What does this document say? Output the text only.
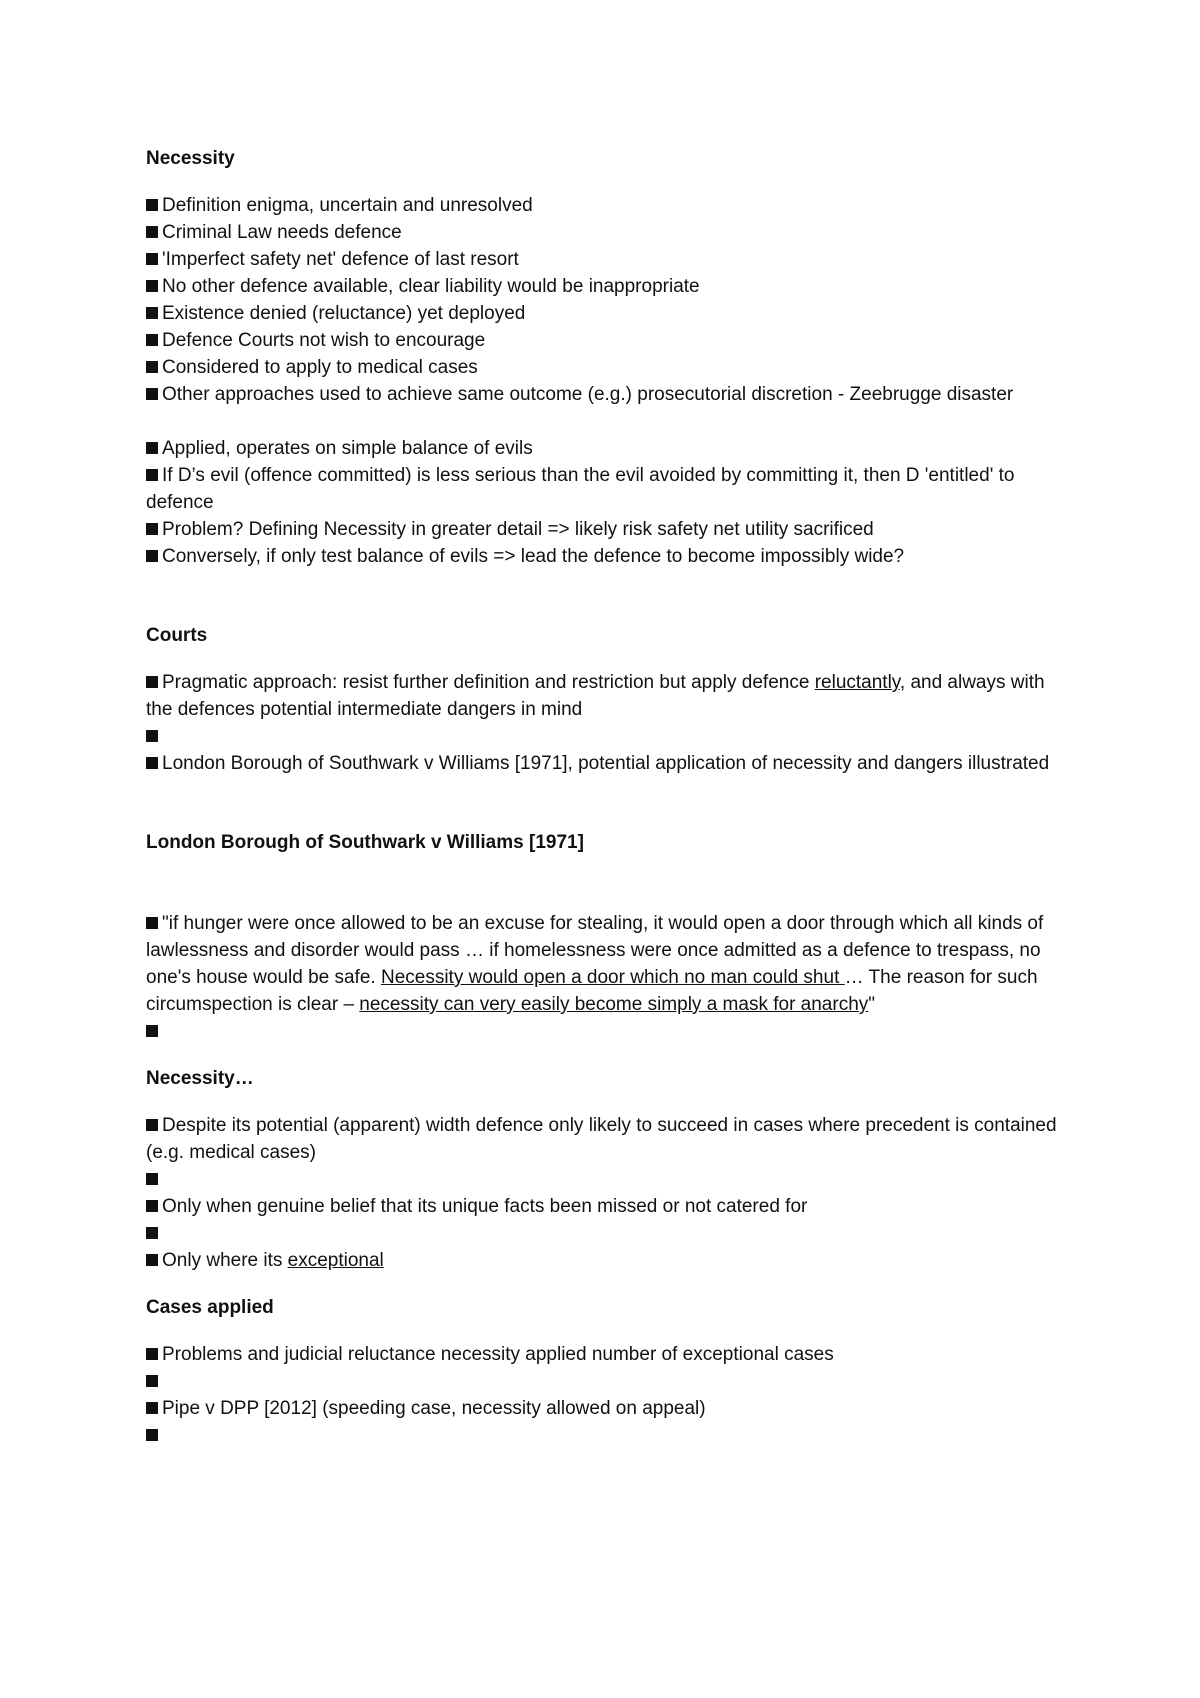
Necessity

Definition enigma, uncertain and unresolved

Criminal Law needs defence

'Imperfect safety net' defence of last resort

No other defence available, clear liability would be inappropriate

Existence denied (reluctance) yet deployed

Defence Courts not wish to encourage

Considered to apply to medical cases

Other approaches used to achieve same outcome (e.g.) prosecutorial discretion - Zeebrugge disaster

Applied, operates on simple balance of evils

If D’s evil (offence committed) is less serious than the evil avoided by committing it, then D 'entitled' to defence

Problem? Defining Necessity in greater detail => likely risk safety net utility sacrificed

Conversely, if only test balance of evils => lead the defence to become impossibly wide?

Courts

Pragmatic approach: resist further definition and restriction but apply defence reluctantly, and always with the defences potential intermediate dangers in mind

London Borough of Southwark v Williams [1971], potential application of necessity and dangers illustrated

London Borough of Southwark v Williams [1971]

"if hunger were once allowed to be an excuse for stealing, it would open a door through which all kinds of lawlessness and disorder would pass … if homelessness were once admitted as a defence to trespass, no one's house would be safe. Necessity would open a door which no man could shut … The reason for such circumspection is clear – necessity can very easily become simply a mask for anarchy"

Necessity…

Despite its potential (apparent) width defence only likely to succeed in cases where precedent is contained (e.g. medical cases)

Only when genuine belief that its unique facts been missed or not catered for

Only where its exceptional

Cases applied

Problems and judicial reluctance necessity applied number of exceptional cases

Pipe v DPP [2012] (speeding case, necessity allowed on appeal)
